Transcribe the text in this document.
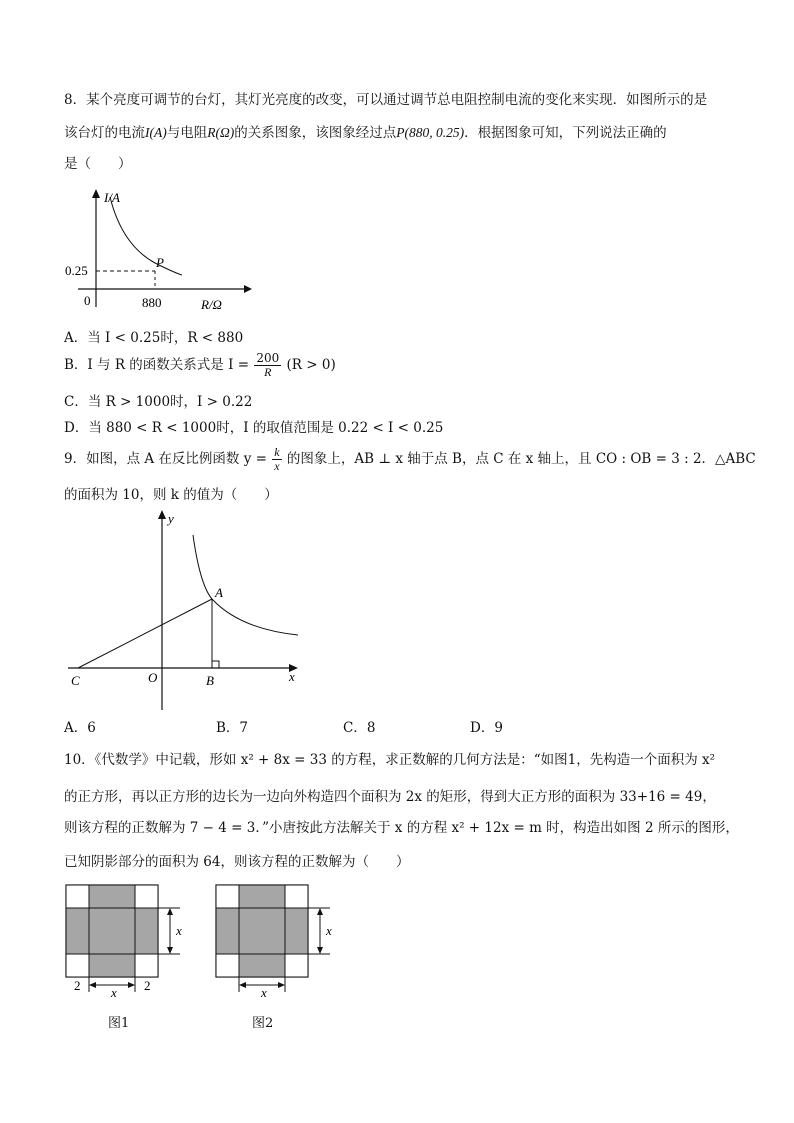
8．某个亮度可调节的台灯，其灯光亮度的改变，可以通过调节总电阻控制电流的变化来实现．如图所示的是
该台灯的电流I(A)与电阻R(Ω)的关系图象，该图象经过点P(880, 0.25)．根据图象可知，下列说法正确的
是（　　）
I/A
0.25
0	880
P
R/Ω
A．当 I < 0.25时，R < 880
B．I 与 R 的函数关系式是 $I = \frac{200}{R} (R > 0)$
C．当 R > 1000时，I > 0.22
D．当 880 < R < 1000时，I 的取值范围是 0.22 < I < 0.25
9．如图，点 A 在反比例函数 $y = \frac{k}{x}$ 的图象上，AB ⊥ x 轴于点 B，点 C 在 x 轴上，且 CO : OB = 3 : 2．△ABC
的面积为 10，则 k 的值为（　　）
y
A
C	O	B	x
A．6	B．7	C．8	D．9
10．《代数学》中记载，形如 x² + 8x = 33 的方程，求正数解的几何方法是：“如图1，先构造一个面积为 x²
的正方形，再以正方形的边长为一边向外构造四个面积为 2x 的矩形，得到大正方形的面积为 33+16 = 49，
则该方程的正数解为 7 − 4 = 3．”小唐按此方法解关于 x 的方程 x² + 12x = m 时，构造出如图 2 所示的图形，
已知阴影部分的面积为 64，则该方程的正数解为（　　）
x
x
2	2
图1
x
x
图2
